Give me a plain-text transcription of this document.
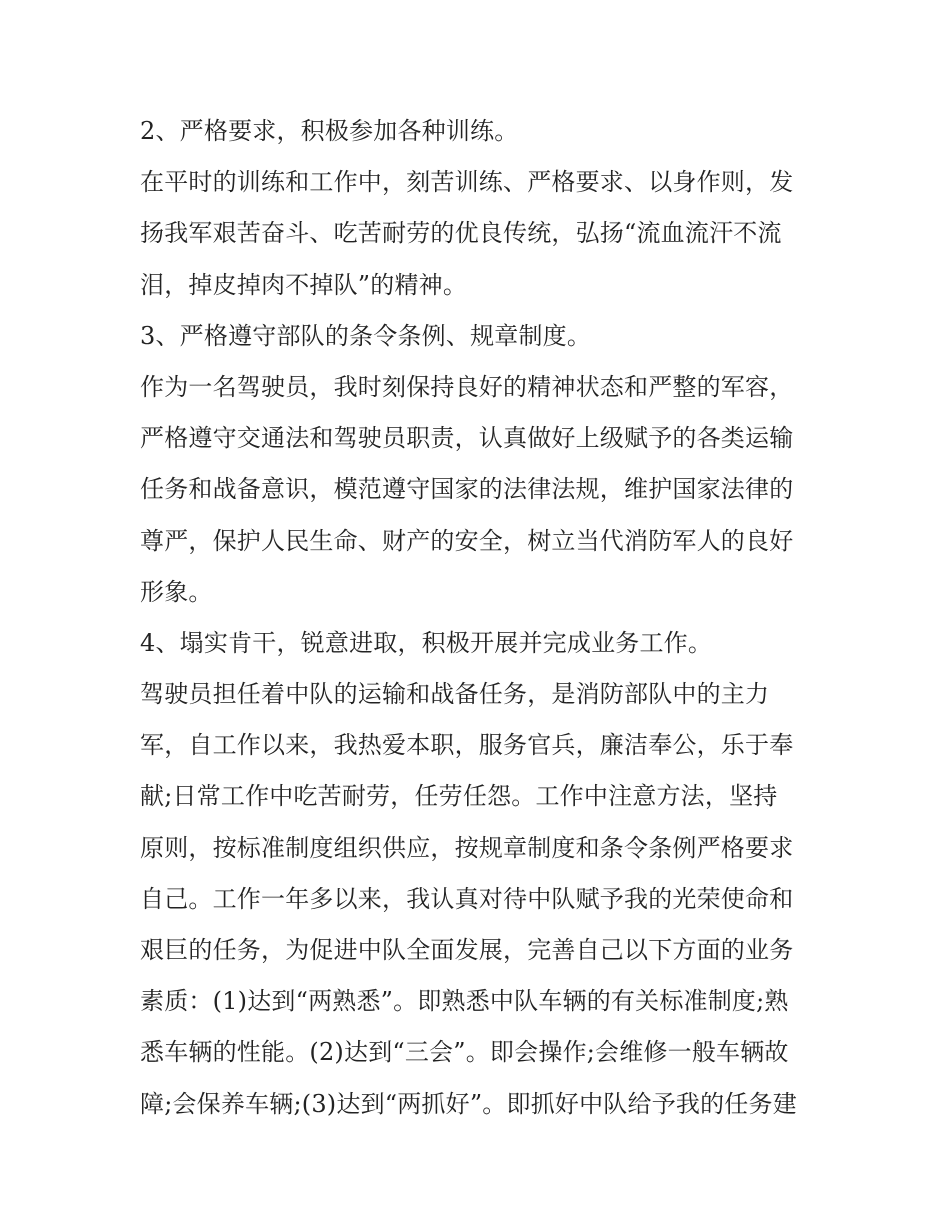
2、严格要求，积极参加各种训练。
在平时的训练和工作中，刻苦训练、严格要求、以身作则，发
扬我军艰苦奋斗、吃苦耐劳的优良传统，弘扬“流血流汗不流
泪，掉皮掉肉不掉队”的精神。
3、严格遵守部队的条令条例、规章制度。
作为一名驾驶员，我时刻保持良好的精神状态和严整的军容，
严格遵守交通法和驾驶员职责，认真做好上级赋予的各类运输
任务和战备意识，模范遵守国家的法律法规，维护国家法律的
尊严，保护人民生命、财产的安全，树立当代消防军人的良好
形象。
4、塌实肯干，锐意进取，积极开展并完成业务工作。
驾驶员担任着中队的运输和战备任务，是消防部队中的主力
军，自工作以来，我热爱本职，服务官兵，廉洁奉公，乐于奉
献;日常工作中吃苦耐劳，任劳任怨。工作中注意方法，坚持
原则，按标准制度组织供应，按规章制度和条令条例严格要求
自己。工作一年多以来，我认真对待中队赋予我的光荣使命和
艰巨的任务，为促进中队全面发展，完善自己以下方面的业务
素质：(1)达到“两熟悉”。即熟悉中队车辆的有关标准制度;熟
悉车辆的性能。(2)达到“三会”。即会操作;会维修一般车辆故
障;会保养车辆;(3)达到“两抓好”。即抓好中队给予我的任务建
